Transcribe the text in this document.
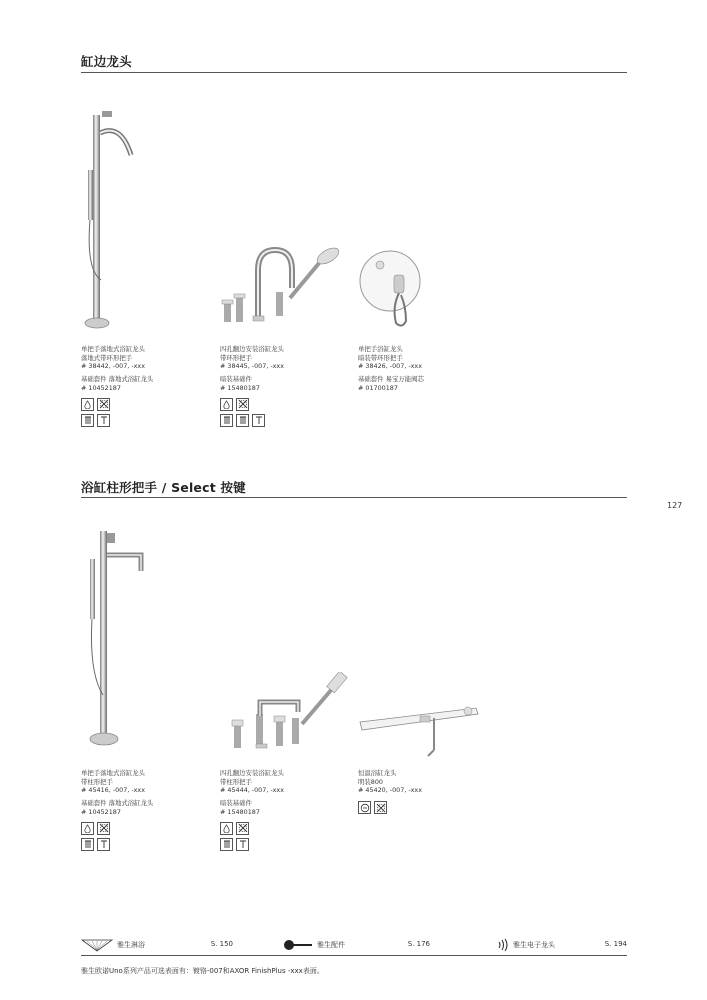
缸边龙头
127
单把手落地式浴缸龙头
落地式带环形把手
# 38442, -007, -xxx
基础套件 落地式浴缸龙头
# 10452187
四孔翻边安装浴缸龙头
带环形把手
# 38445, -007, -xxx
暗装基础件
# 15480187
单把手浴缸龙头
暗装带环形把手
# 38426, -007, -xxx
基础套件 易宝万能阀芯
# 01700187
浴缸柱形把手 / Select 按键
单把手落地式浴缸龙头
带柱形把手
# 45416, -007, -xxx
基础套件 落地式浴缸龙头
# 10452187
四孔翻边安装浴缸龙头
带柱形把手
# 45444, -007, -xxx
暗装基础件
# 15480187
恒温浴缸龙头
明装800
# 45420, -007, -xxx
雅生淋浴	S. 150	雅生配件	S. 176	雅生电子龙头	S. 194
雅生欧诺Uno系列产品可选表面有：镀铬-007和AXOR FinishPlus -xxx表面。
